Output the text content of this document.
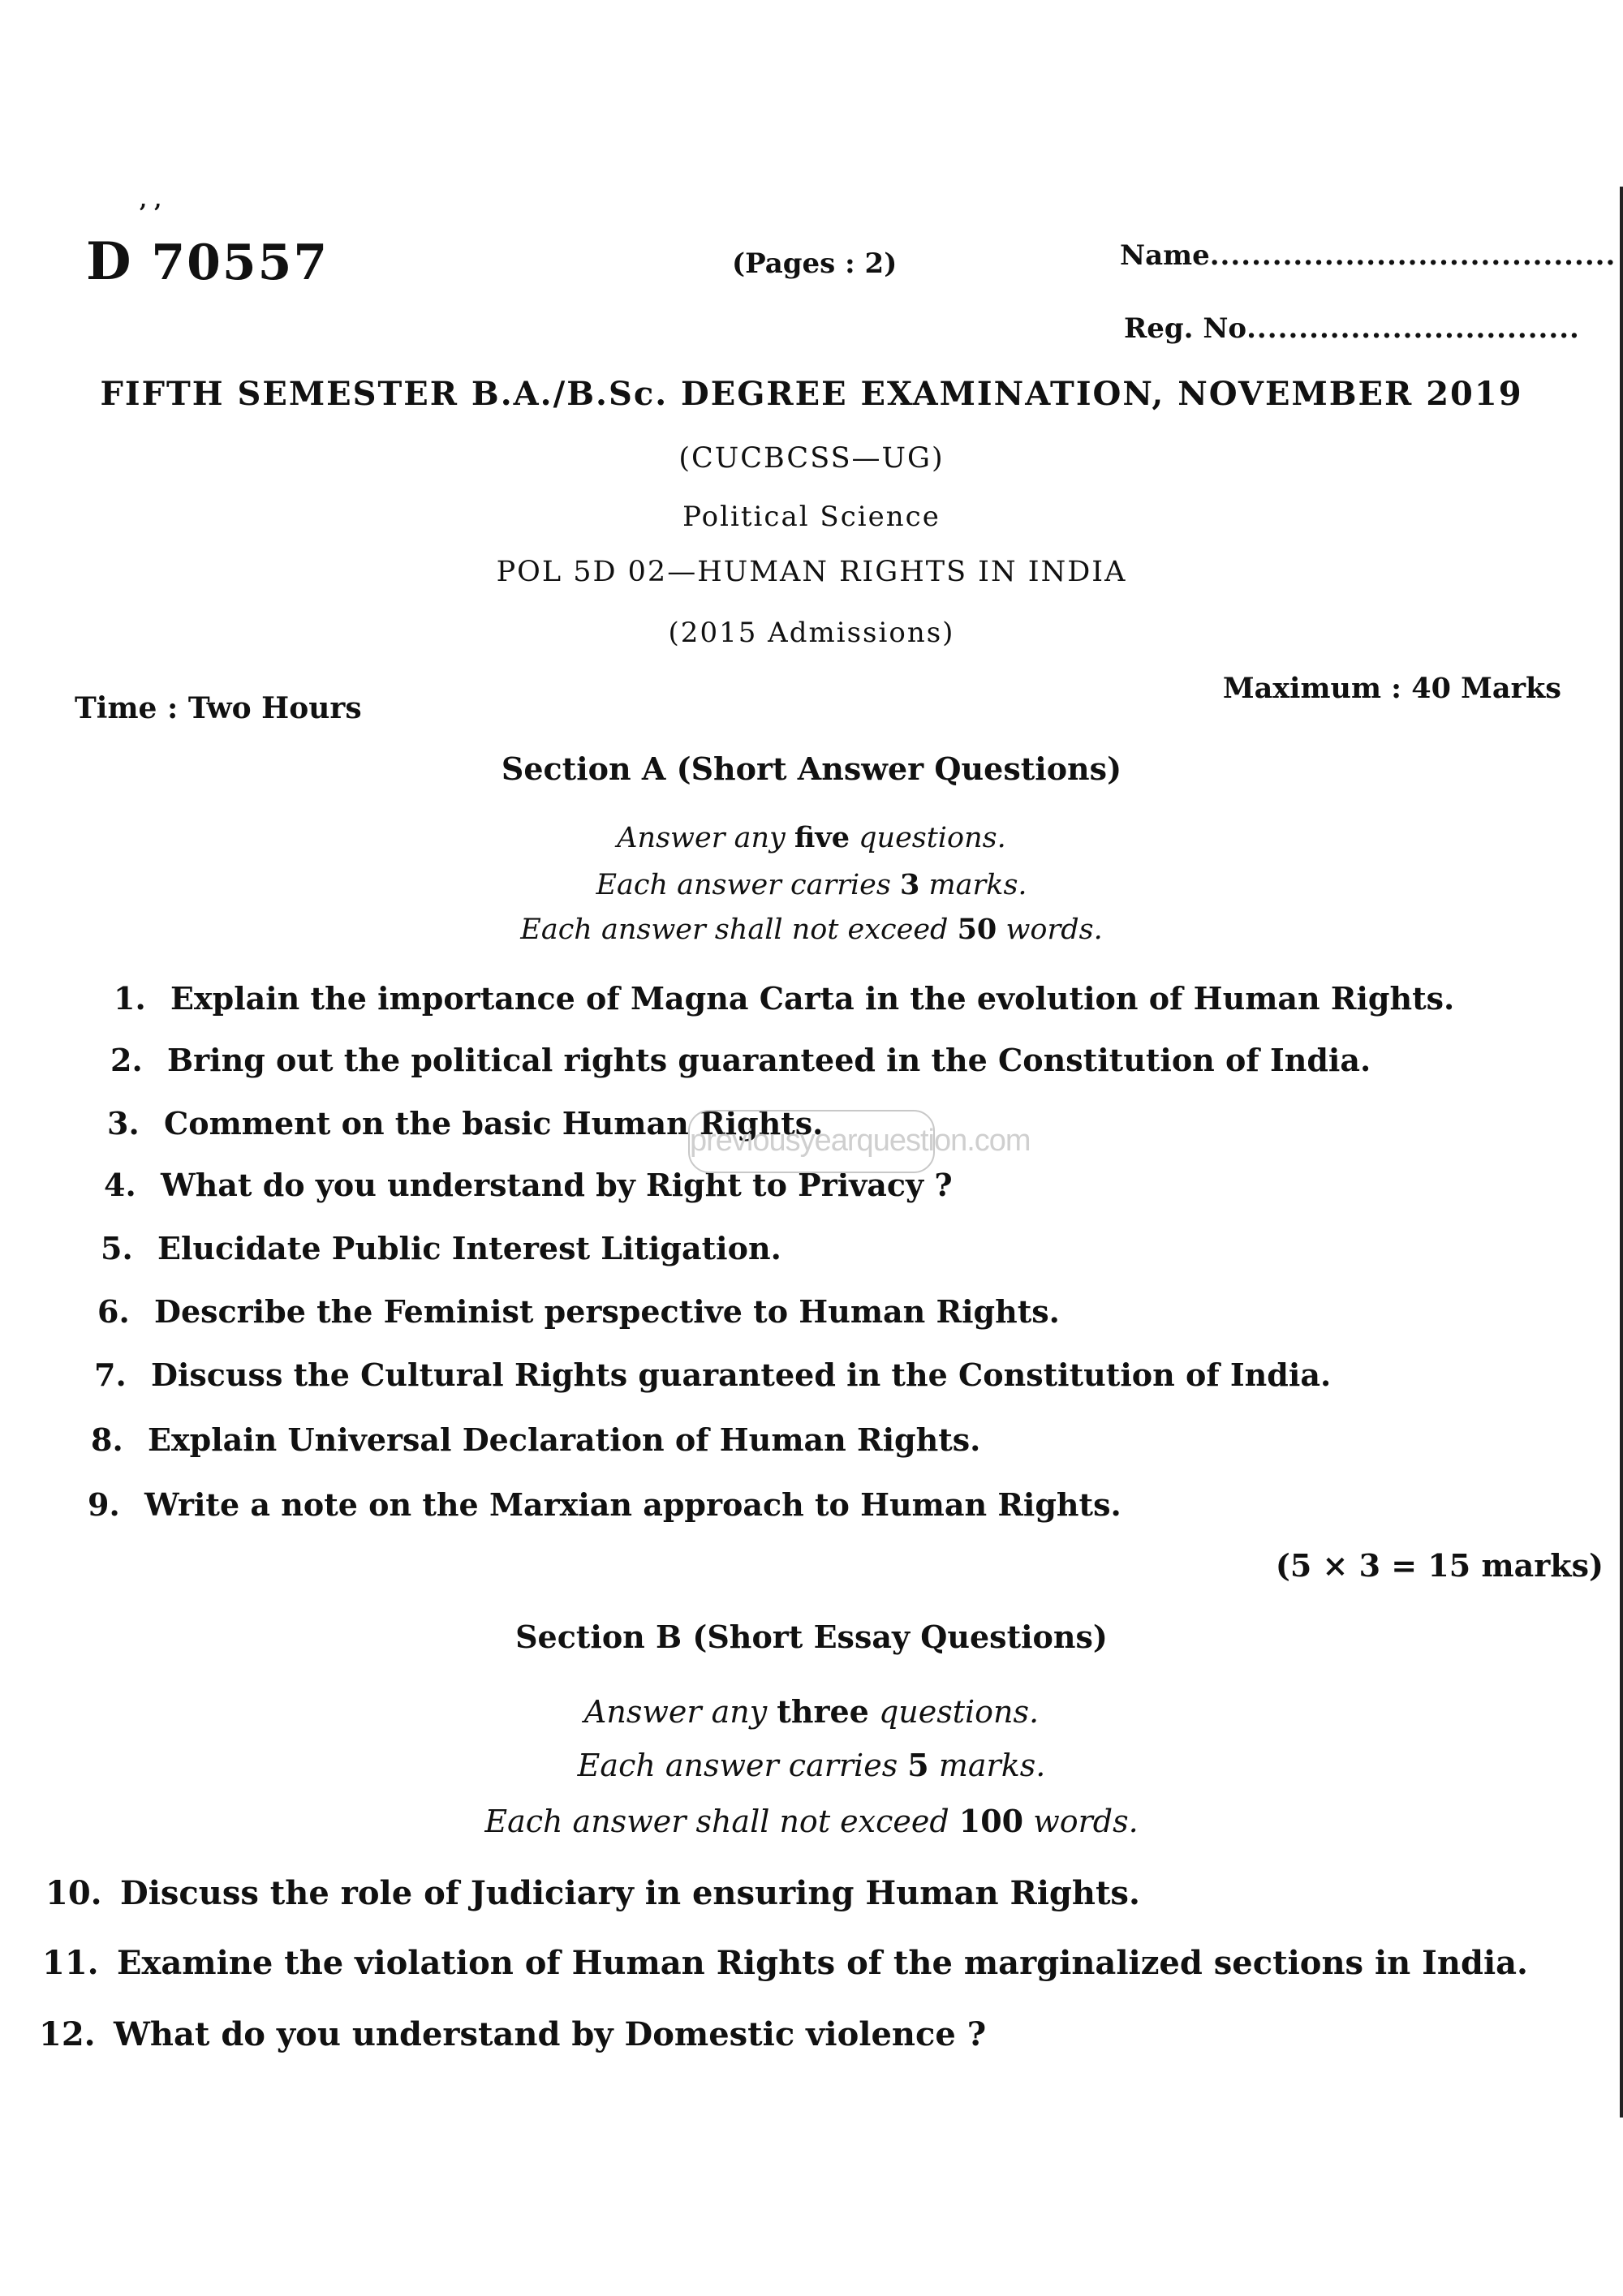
, ,
D 70557	(Pages : 2)	Name.......................................
Reg. No................................
FIFTH SEMESTER B.A./B.Sc. DEGREE EXAMINATION, NOVEMBER 2019
(CUCBCSS—UG)
Political Science
POL 5D 02—HUMAN RIGHTS IN INDIA
(2015 Admissions)
Time : Two Hours
Maximum : 40 Marks
Section A (Short Answer Questions)
Answer any five questions.
Each answer carries 3 marks.
Each answer shall not exceed 50 words.
1. Explain the importance of Magna Carta in the evolution of Human Rights.
2. Bring out the political rights guaranteed in the Constitution of India.
3. Comment on the basic Human Rights.
4. What do you understand by Right to Privacy ?
5. Elucidate Public Interest Litigation.
6. Describe the Feminist perspective to Human Rights.
7. Discuss the Cultural Rights guaranteed in the Constitution of India.
8. Explain Universal Declaration of Human Rights.
9. Write a note on the Marxian approach to Human Rights.
(5 × 3 = 15 marks)
Section B (Short Essay Questions)
Answer any three questions.
Each answer carries 5 marks.
Each answer shall not exceed 100 words.
10. Discuss the role of Judiciary in ensuring Human Rights.
11. Examine the violation of Human Rights of the marginalized sections in India.
12. What do you understand by Domestic violence ?
previousyearquestion.com
